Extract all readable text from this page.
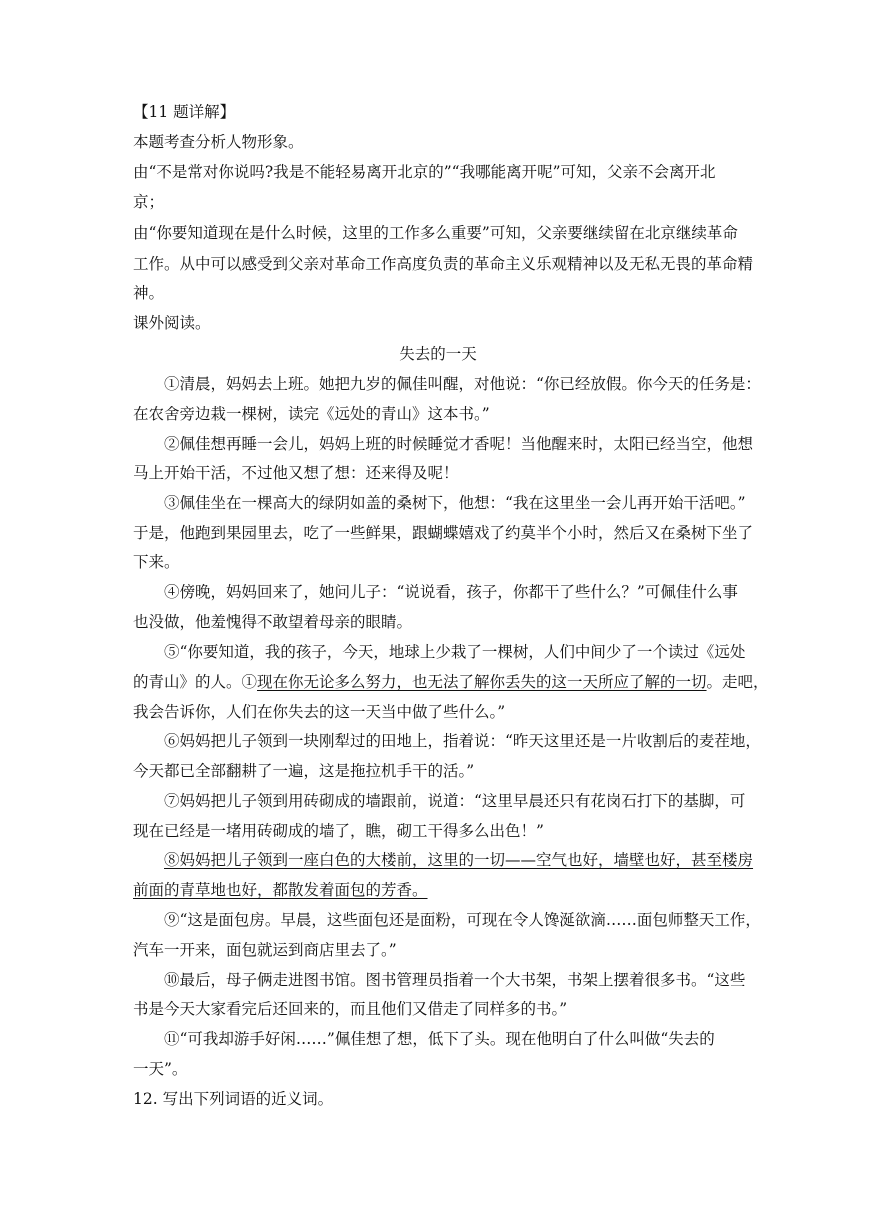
【11 题详解】
本题考查分析人物形象。
由“不是常对你说吗?我是不能轻易离开北京的”“我哪能离开呢”可知，父亲不会离开北
京；
由“你要知道现在是什么时候，这里的工作多么重要”可知，父亲要继续留在北京继续革命
工作。从中可以感受到父亲对革命工作高度负责的革命主义乐观精神以及无私无畏的革命精
神。
课外阅读。
失去的一天
　　①清晨，妈妈去上班。她把九岁的佩佳叫醒，对他说：“你已经放假。你今天的任务是：
在农舍旁边栽一棵树，读完《远处的青山》这本书。”
　　②佩佳想再睡一会儿，妈妈上班的时候睡觉才香呢！当他醒来时，太阳已经当空，他想
马上开始干活，不过他又想了想：还来得及呢！
　　③佩佳坐在一棵高大的绿阴如盖的桑树下，他想：“我在这里坐一会儿再开始干活吧。”
于是，他跑到果园里去，吃了一些鲜果，跟蝴蝶嬉戏了约莫半个小时，然后又在桑树下坐了
下来。
　　④傍晚，妈妈回来了，她问儿子：“说说看，孩子，你都干了些什么？”可佩佳什么事
也没做，他羞愧得不敢望着母亲的眼睛。
　　⑤“你要知道，我的孩子，今天，地球上少栽了一棵树，人们中间少了一个读过《远处
的青山》的人。①现在你无论多么努力，也无法了解你丢失的这一天所应了解的一切。走吧，
我会告诉你，人们在你失去的这一天当中做了些什么。”
　　⑥妈妈把儿子领到一块刚犁过的田地上，指着说：“昨天这里还是一片收割后的麦茬地，
今天都已全部翻耕了一遍，这是拖拉机手干的活。”
　　⑦妈妈把儿子领到用砖砌成的墙跟前，说道：“这里早晨还只有花岗石打下的基脚，可
现在已经是一堵用砖砌成的墙了，瞧，砌工干得多么出色！”
　　⑧妈妈把儿子领到一座白色的大楼前，这里的一切——空气也好，墙壁也好，甚至楼房
前面的青草地也好，都散发着面包的芳香。
　　⑨“这是面包房。早晨，这些面包还是面粉，可现在令人馋涎欲滴……面包师整天工作，
汽车一开来，面包就运到商店里去了。”
　　⑩最后，母子俩走进图书馆。图书管理员指着一个大书架，书架上摆着很多书。“这些
书是今天大家看完后还回来的，而且他们又借走了同样多的书。”
　　⑪“可我却游手好闲……”佩佳想了想，低下了头。现在他明白了什么叫做“失去的
一天”。
12. 写出下列词语的近义词。
